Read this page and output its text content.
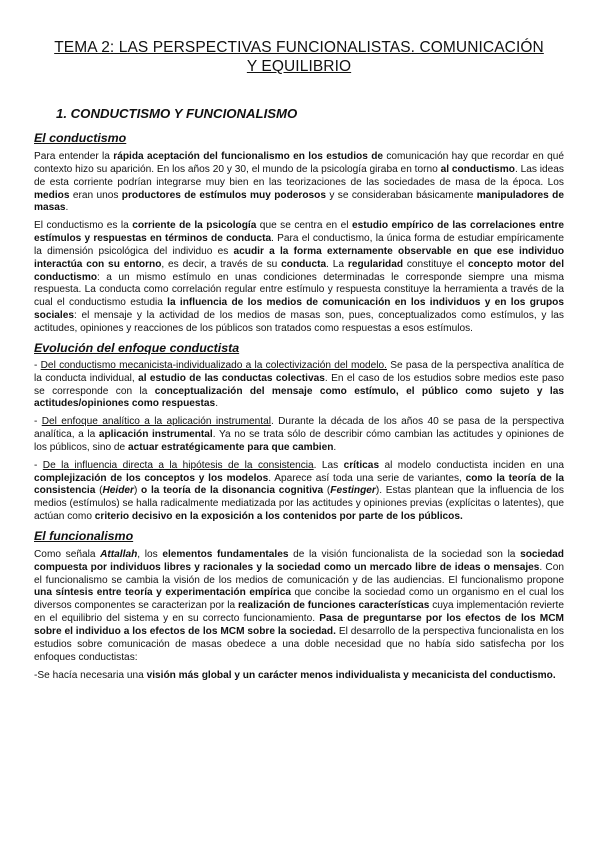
TEMA 2: LAS PERSPECTIVAS FUNCIONALISTAS. COMUNICACIÓN
Y EQUILIBRIO
1. CONDUCTISMO Y FUNCIONALISMO
El conductismo

Para entender la rápida aceptación del funcionalismo en los estudios de comunicación hay que recordar en qué contexto hizo su aparición. En los años 20 y 30, el mundo de la psicología giraba en torno al conductismo. Las ideas de esta corriente podrían integrarse muy bien en las teorizaciones de las sociedades de masa de la época. Los medios eran unos productores de estímulos muy poderosos y se consideraban básicamente manipuladores de masas.

El conductismo es la corriente de la psicología que se centra en el estudio empírico de las correlaciones entre estímulos y respuestas en términos de conducta. Para el conductismo, la única forma de estudiar empíricamente la dimensión psicológica del individuo es acudir a la forma externamente observable en que ese individuo interactúa con su entorno, es decir, a través de su conducta. La regularidad constituye el concepto motor del conductismo: a un mismo estímulo en unas condiciones determinadas le corresponde siempre una misma respuesta. La conducta como correlación regular entre estímulo y respuesta constituye la herramienta a través de la cual el conductismo estudia la influencia de los medios de comunicación en los individuos y en los grupos sociales: el mensaje y la actividad de los medios de masas son, pues, conceptualizados como estímulos, y las actitudes, opiniones y reacciones de los públicos son tratados como respuestas a esos estímulos.

Evolución del enfoque conductista

- Del conductismo mecanicista-individualizado a la colectivización del modelo. Se pasa de la perspectiva analítica de la conducta individual, al estudio de las conductas colectivas. En el caso de los estudios sobre medios este paso se corresponde con la conceptualización del mensaje como estímulo, el público como sujeto y las actitudes/opiniones como respuestas.

- Del enfoque analítico a la aplicación instrumental. Durante la década de los años 40 se pasa de la perspectiva analítica, a la aplicación instrumental. Ya no se trata sólo de describir cómo cambian las actitudes y opiniones de los públicos, sino de actuar estratégicamente para que cambien.

- De la influencia directa a la hipótesis de la consistencia. Las críticas al modelo conductista inciden en una complejización de los conceptos y los modelos. Aparece así toda una serie de variantes, como la teoría de la consistencia (Heider) o la teoría de la disonancia cognitiva (Festinger). Estas plantean que la influencia de los medios (estímulos) se halla radicalmente mediatizada por las actitudes y opiniones previas (explícitas o latentes), que actúan como criterio decisivo en la exposición a los contenidos por parte de los públicos.

El funcionalismo

Como señala Attallah, los elementos fundamentales de la visión funcionalista de la sociedad son la sociedad compuesta por individuos libres y racionales y la sociedad como un mercado libre de ideas o mensajes. Con el funcionalismo se cambia la visión de los medios de comunicación y de las audiencias. El funcionalismo propone una síntesis entre teoría y experimentación empírica que concibe la sociedad como un organismo en el cual los diversos componentes se caracterizan por la realización de funciones características cuya implementación revierte en el equilibrio del sistema y en su correcto funcionamiento. Pasa de preguntarse por los efectos de los MCM sobre el individuo a los efectos de los MCM sobre la sociedad. El desarrollo de la perspectiva funcionalista en los estudios sobre comunicación de masas obedece a una doble necesidad que no había sido satisfecha por los enfoques conductistas:

-Se hacía necesaria una visión más global y un carácter menos individualista y mecanicista del conductismo.
